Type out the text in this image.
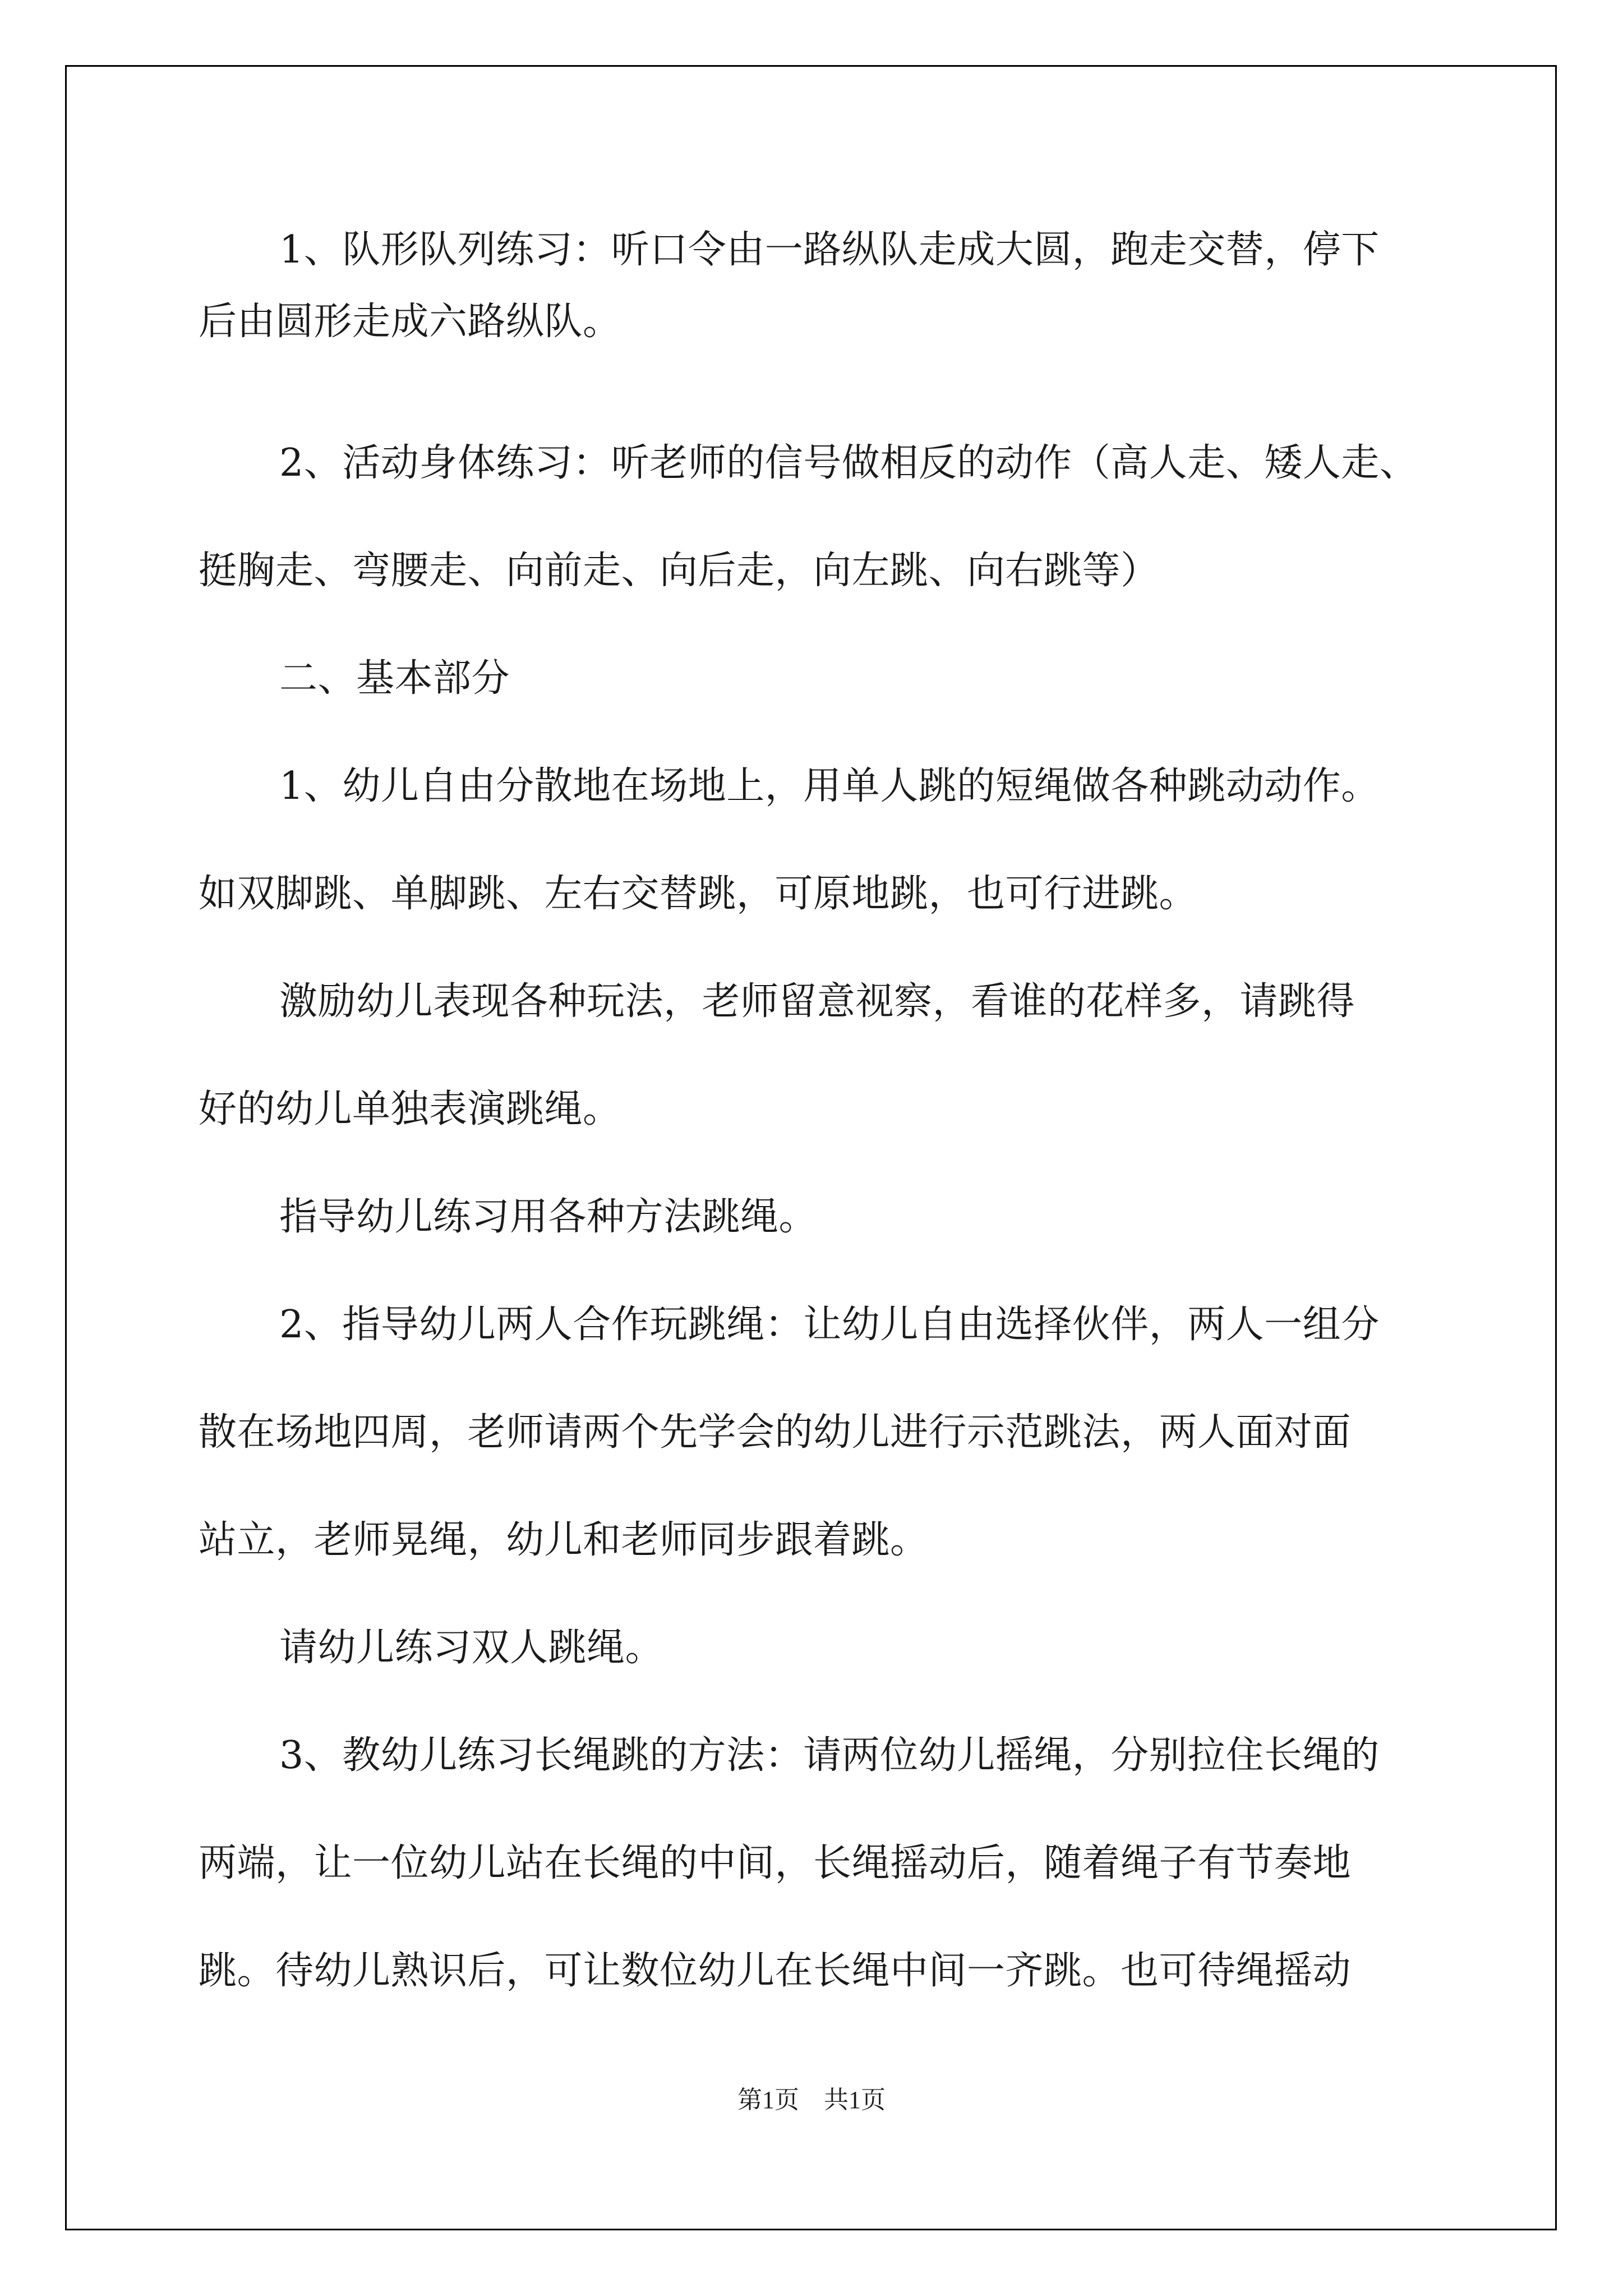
1、队形队列练习：听口令由一路纵队走成大圆，跑走交替，停下
后由圆形走成六路纵队。
2、活动身体练习：听老师的信号做相反的动作（高人走、矮人走、
挺胸走、弯腰走、向前走、向后走，向左跳、向右跳等）
二、基本部分
1、幼儿自由分散地在场地上，用单人跳的短绳做各种跳动动作。
如双脚跳、单脚跳、左右交替跳，可原地跳，也可行进跳。
激励幼儿表现各种玩法，老师留意视察，看谁的花样多，请跳得
好的幼儿单独表演跳绳。
指导幼儿练习用各种方法跳绳。
2、指导幼儿两人合作玩跳绳：让幼儿自由选择伙伴，两人一组分
散在场地四周，老师请两个先学会的幼儿进行示范跳法，两人面对面
站立，老师晃绳，幼儿和老师同步跟着跳。
请幼儿练习双人跳绳。
3、教幼儿练习长绳跳的方法：请两位幼儿摇绳，分别拉住长绳的
两端，让一位幼儿站在长绳的中间，长绳摇动后，随着绳子有节奏地
跳。待幼儿熟识后，可让数位幼儿在长绳中间一齐跳。也可待绳摇动
第1页　共1页
